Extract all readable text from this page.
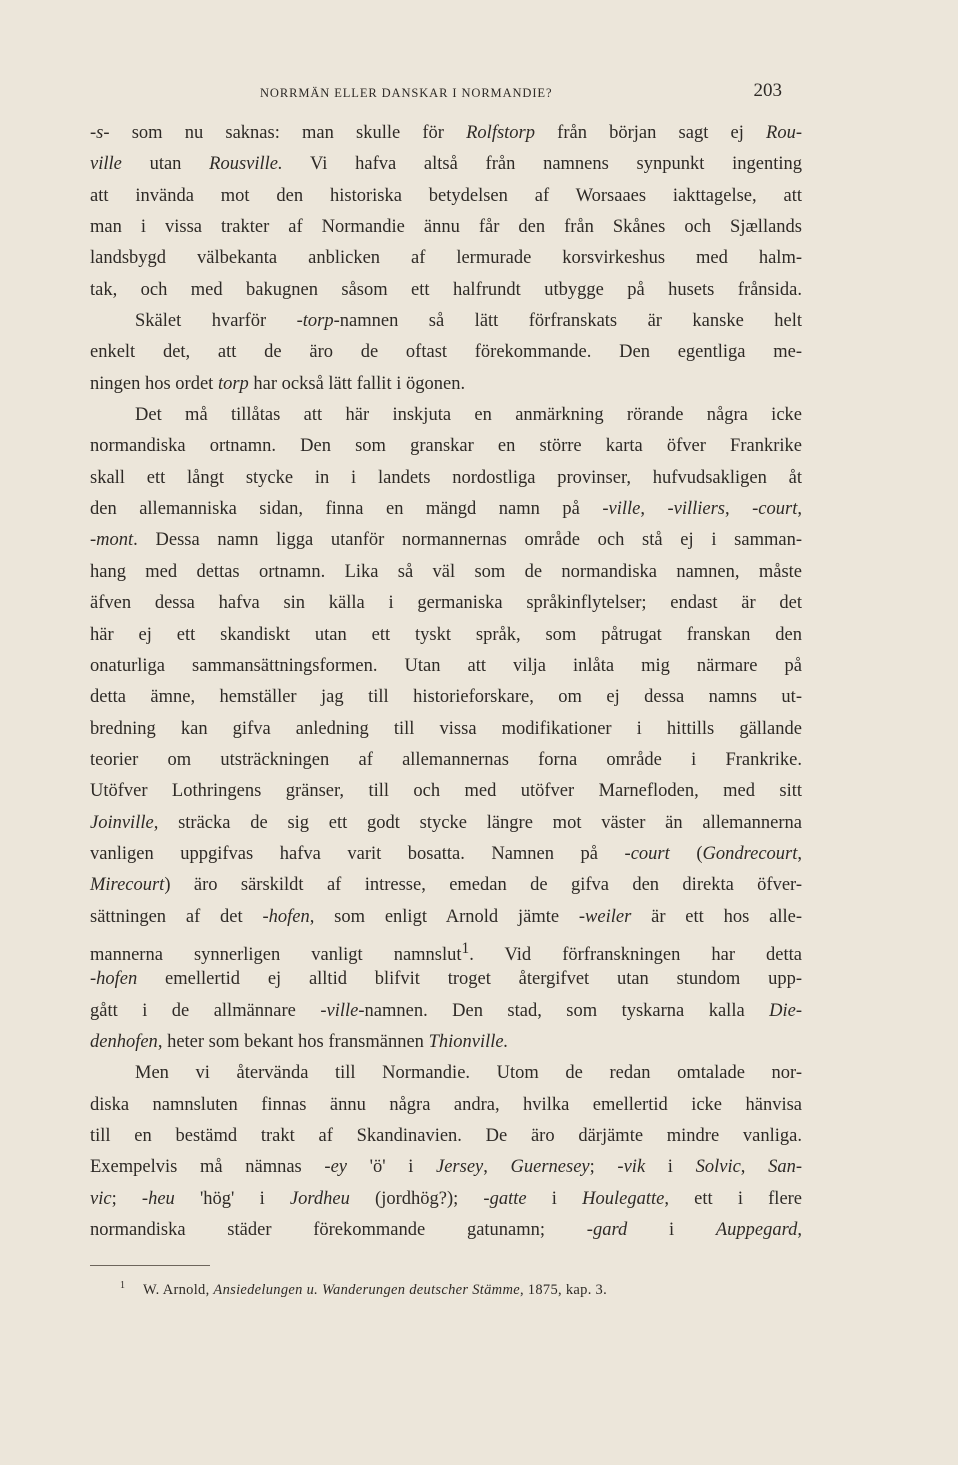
NORRMÄN ELLER DANSKAR I NORMANDIE?	203
-s- som nu saknas: man skulle för Rolfstorp från början sagt ej Rou-
ville utan Rousville. Vi hafva altså från namnens synpunkt ingenting
att invända mot den historiska betydelsen af Worsaaes iakttagelse, att
man i vissa trakter af Normandie ännu får den från Skånes och Sjællands
landsbygd välbekanta anblicken af lermurade korsvirkeshus med halm-
tak, och med bakugnen såsom ett halfrundt utbygge på husets frånsida.
Skälet hvarför -torp-namnen så lätt förfranskats är kanske helt
enkelt det, att de äro de oftast förekommande. Den egentliga me-
ningen hos ordet torp har också lätt fallit i ögonen.
Det må tillåtas att här inskjuta en anmärkning rörande några icke
normandiska ortnamn. Den som granskar en större karta öfver Frankrike
skall ett långt stycke in i landets nordostliga provinser, hufvudsakligen åt
den allemanniska sidan, finna en mängd namn på -ville, -villiers, -court,
-mont. Dessa namn ligga utanför normannernas område och stå ej i samman-
hang med dettas ortnamn. Lika så väl som de normandiska namnen, måste
äfven dessa hafva sin källa i germaniska språkinflytelser; endast är det
här ej ett skandiskt utan ett tyskt språk, som påtrugat franskan den
onaturliga sammansättningsformen. Utan att vilja inlåta mig närmare på
detta ämne, hemställer jag till historieforskare, om ej dessa namns ut-
bredning kan gifva anledning till vissa modifikationer i hittills gällande
teorier om utsträckningen af allemannernas forna område i Frankrike.
Utöfver Lothringens gränser, till och med utöfver Marnefloden, med sitt
Joinville, sträcka de sig ett godt stycke längre mot väster än allemannerna
vanligen uppgifvas hafva varit bosatta. Namnen på -court (Gondrecourt,
Mirecourt) äro särskildt af intresse, emedan de gifva den direkta öfver-
sättningen af det -hofen, som enligt Arnold jämte -weiler är ett hos alle-
mannerna synnerligen vanligt namnslut$^1$. Vid förfranskningen har detta
-hofen emellertid ej alltid blifvit troget återgifvet utan stundom upp-
gått i de allmännare -ville-namnen. Den stad, som tyskarna kalla Die-
denhofen, heter som bekant hos fransmännen Thionville.
Men vi återvända till Normandie. Utom de redan omtalade nor-
diska namnsluten finnas ännu några andra, hvilka emellertid icke hänvisa
till en bestämd trakt af Skandinavien. De äro därjämte mindre vanliga.
Exempelvis må nämnas -ey 'ö' i Jersey, Guernesey; -vik i Solvic, San-
vic; -heu 'hög' i Jordheu (jordhög?); -gatte i Houlegatte, ett i flere
normandiska städer förekommande gatunamn; -gard i Auppegard,
$^1$ W. Arnold, Ansiedelungen u. Wanderungen deutscher Stämme, 1875, kap. 3.
